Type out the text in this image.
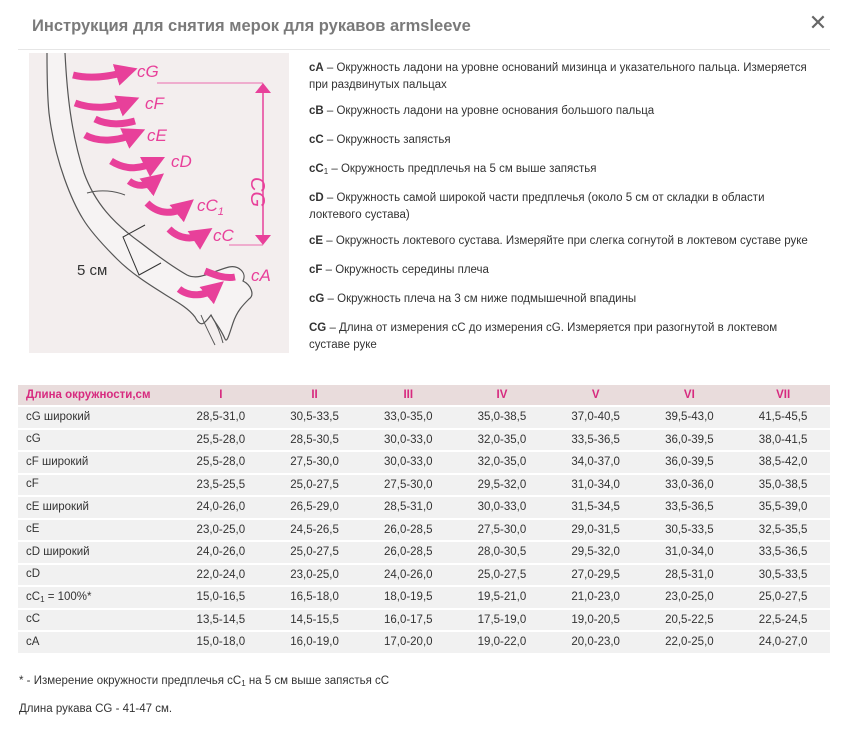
Инструкция для снятия мерок для рукавов armsleeve	✕
cG
cF
cE
cD
$cC_1$
cC
cA
CG
5 см
cA – Окружность ладони на уровне оснований мизинца и указательного пальца. Измеряется при раздвинутых пальцах
cB – Окружность ладони на уровне основания большого пальца
cC – Окружность запястья
$cC_1$ – Окружность предплечья на 5 см выше запястья
cD – Окружность самой широкой части предплечья (около 5 см от складки в области локтевого сустава)
cE – Окружность локтевого сустава. Измеряйте при слегка согнутой в локтевом суставе руке
cF – Окружность середины плеча
cG – Окружность плеча на 3 см ниже подмышечной впадины
CG – Длина от измерения cC до измерения cG. Измеряется при разогнутой в локтевом суставе руке
Длина окружности,см	I	II	III	IV	V	VI	VII
cG широкий	28,5-31,0	30,5-33,5	33,0-35,0	35,0-38,5	37,0-40,5	39,5-43,0	41,5-45,5
cG	25,5-28,0	28,5-30,5	30,0-33,0	32,0-35,0	33,5-36,5	36,0-39,5	38,0-41,5
cF широкий	25,5-28,0	27,5-30,0	30,0-33,0	32,0-35,0	34,0-37,0	36,0-39,5	38,5-42,0
cF	23,5-25,5	25,0-27,5	27,5-30,0	29,5-32,0	31,0-34,0	33,0-36,0	35,0-38,5
cE широкий	24,0-26,0	26,5-29,0	28,5-31,0	30,0-33,0	31,5-34,5	33,5-36,5	35,5-39,0
cE	23,0-25,0	24,5-26,5	26,0-28,5	27,5-30,0	29,0-31,5	30,5-33,5	32,5-35,5
cD широкий	24,0-26,0	25,0-27,5	26,0-28,5	28,0-30,5	29,5-32,0	31,0-34,0	33,5-36,5
cD	22,0-24,0	23,0-25,0	24,0-26,0	25,0-27,5	27,0-29,5	28,5-31,0	30,5-33,5
$cC_1 = 100\%*$	15,0-16,5	16,5-18,0	18,0-19,5	19,5-21,0	21,0-23,0	23,0-25,0	25,0-27,5
cC	13,5-14,5	14,5-15,5	16,0-17,5	17,5-19,0	19,0-20,5	20,5-22,5	22,5-24,5
cA	15,0-18,0	16,0-19,0	17,0-20,0	19,0-22,0	20,0-23,0	22,0-25,0	24,0-27,0
* - Измерение окружности предплечья $cC_1$ на 5 см выше запястья cC
Длина рукава CG - 41-47 см.
